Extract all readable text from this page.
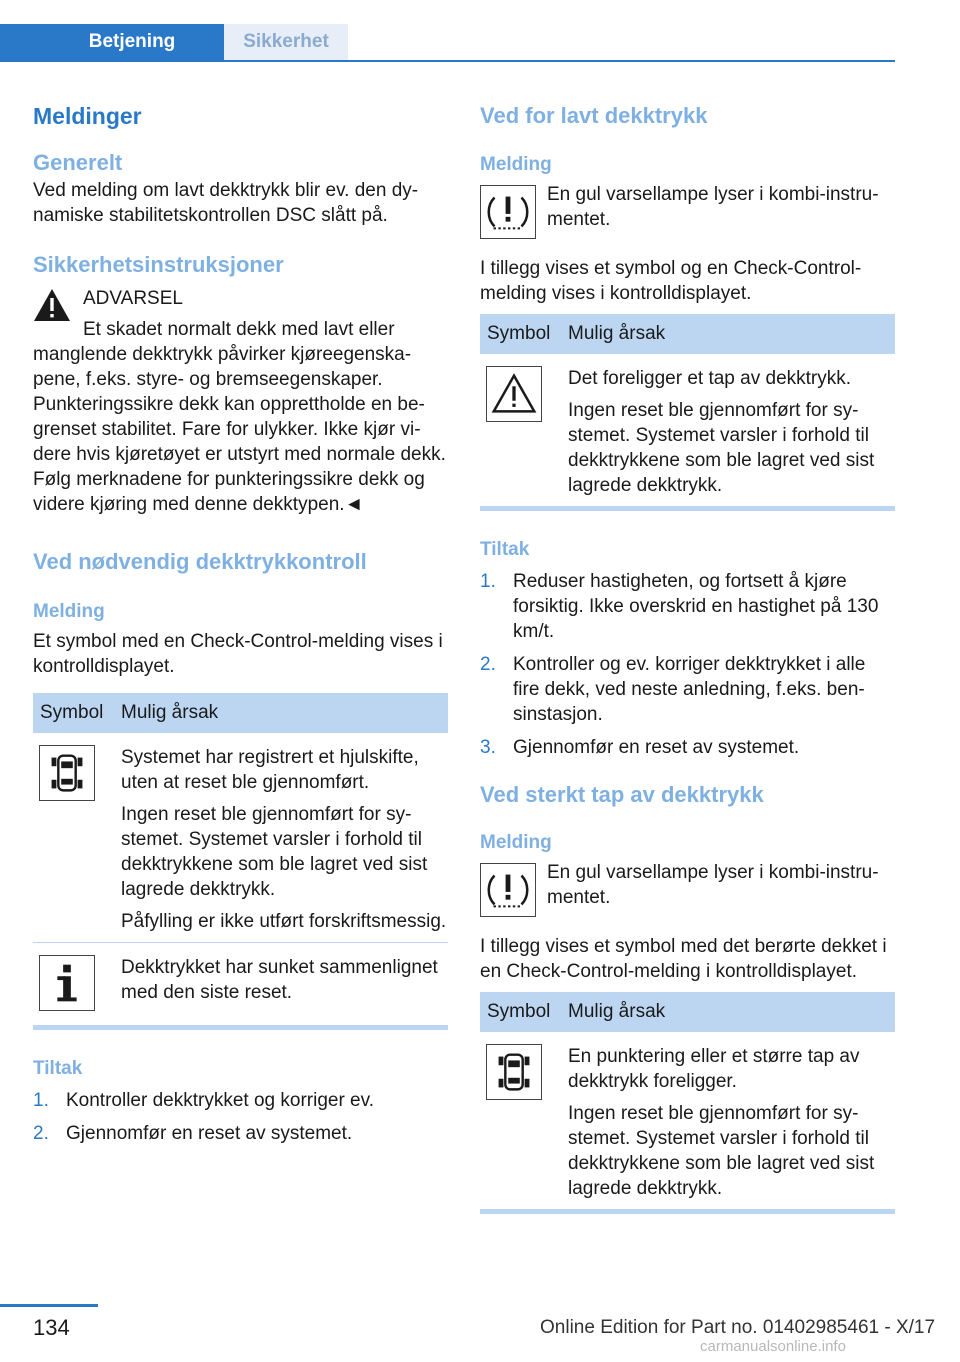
Betjening	Sikkerhet
Meldinger
Generelt
Ved melding om lavt dekktrykk blir ev. den dynamiske stabilitetskontrollen DSC slått på.
Sikkerhetsinstruksjoner
ADVARSEL
Et skadet normalt dekk med lavt eller
manglende dekktrykk påvirker kjøreegenskapene, f.eks. styre- og bremseegenskaper. Punkteringssikre dekk kan opprettholde en begrenset stabilitet. Fare for ulykker. Ikke kjør videre hvis kjøretøyet er utstyrt med normale dekk. Følg merknadene for punkteringssikre dekk og videre kjøring med denne dekktypen.◄
Ved nødvendig dekktrykkontroll
Melding
Et symbol med en Check-Control-melding vises i kontrolldisplayet.
Symbol	Mulig årsak

Systemet har registrert et hjulskifte, uten at reset ble gjennomført.
Ingen reset ble gjennomført for systemet. Systemet varsler i forhold til dekktrykkene som ble lagret ved sist lagrede dekktrykk.
Påfylling er ikke utført forskriftsmessig.

Dekktrykket har sunket sammenlignet med den siste reset.
Tiltak
1. Kontroller dekktrykket og korriger ev.
2. Gjennomfør en reset av systemet.
Ved for lavt dekktrykk
Melding
En gul varsellampe lyser i kombi-instrumentet.
I tillegg vises et symbol og en Check-Control-melding vises i kontrolldisplayet.
Symbol	Mulig årsak

Det foreligger et tap av dekktrykk.
Ingen reset ble gjennomført for systemet. Systemet varsler i forhold til dekktrykkene som ble lagret ved sist lagrede dekktrykk.
Tiltak
1. Reduser hastigheten, og fortsett å kjøre forsiktig. Ikke overskrid en hastighet på 130 km/t.
2. Kontroller og ev. korriger dekktrykket i alle fire dekk, ved neste anledning, f.eks. bensinstasjon.
3. Gjennomfør en reset av systemet.
Ved sterkt tap av dekktrykk
Melding
En gul varsellampe lyser i kombi-instrumentet.
I tillegg vises et symbol med det berørte dekket i en Check-Control-melding i kontrolldisplayet.
Symbol	Mulig årsak

En punktering eller et større tap av dekktrykk foreligger.
Ingen reset ble gjennomført for systemet. Systemet varsler i forhold til dekktrykkene som ble lagret ved sist lagrede dekktrykk.
134	Online Edition for Part no. 01402985461 - X/17
carmanualsonline.info
